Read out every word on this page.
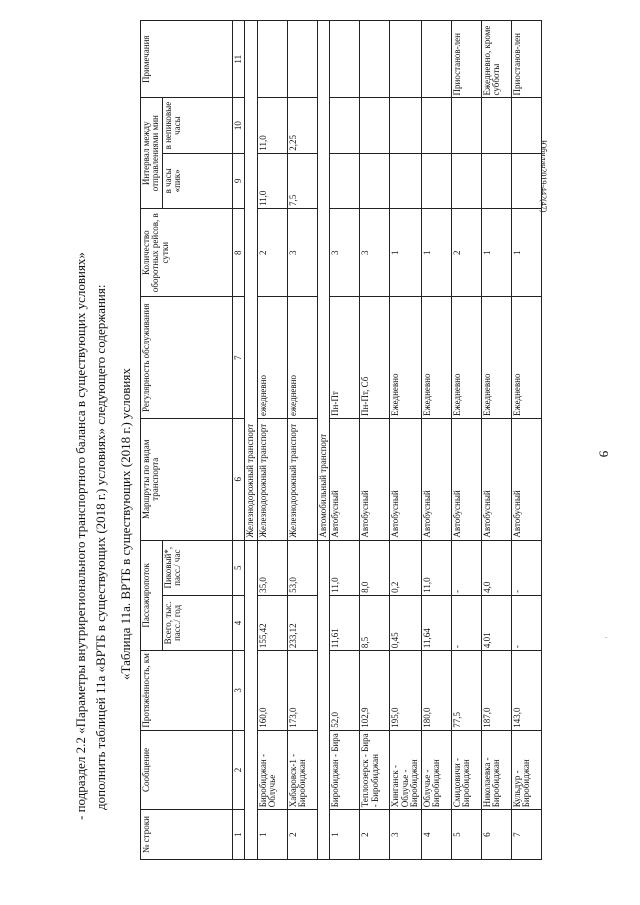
9
Юбилан2019-442(47)
ˆ
- подраздел 2.2 «Параметры внутрирегионального транспортного баланса в существующих условиях» дополнить таблицей 11а «ВРТБ в существующих (2018 г.) условиях» следующего содержания: «Таблица 11а. ВРТБ в существующих (2018 г.) условиях
№ строки	Сообщение	Протяжённость, км	Пассажиропоток		Маршруты по видам транспорта	Регулярность обслуживания	Количество оборотных рейсов, в сутки	Интервал между отправлениями мин		Примечания
			Всего, тыс. пасс./ год	Пиковый*, пасс./ час				в часы «пик»	в непиковые часы	
1	2	3	4	5	6	7	8	9	10	11
					Железнодорожный транспорт					
1	Биробиджан - Облучье	160,0	155,42	35,0	Железнодорожный транспорт	ежедневно	2	11,0	11,0	
2	Хабаровск-1 - Биробиджан	173,0	233,12	53,0	Железнодорожный транспорт	ежедневно	3	7,5	2,25	
					Автомобильный транспорт					
1	Биробиджан - Бира	52,0	11,61	11,0	Автобусный	Пн-Пт	3			
2	Теплоозерск - Бира - Биробиджан	102,9	8,5	8,0	Автобусный	Пн-Пт, Сб	3			
3	Хинганск - Облучье - Биробиджан	195,0	0,45	0,2	Автобусный	Ежедневно	1			
4	Облучье - Биробиджан	180,0	11,64	11,0	Автобусный	Ежедневно	1			
5	Смидовичи - Биробиджан	77,5	-	-	Автобусный	Ежедневно	2			Приостанов-лен
6	Николаевка - Биробиджан	187,0	4,01	4,0	Автобусный	Ежедневно	1			Ежедневно, кроме субботы
7	Кульдур - Биробиджан	143,0	-	-	Автобусный	Ежедневно	1			Приостанов-лен
